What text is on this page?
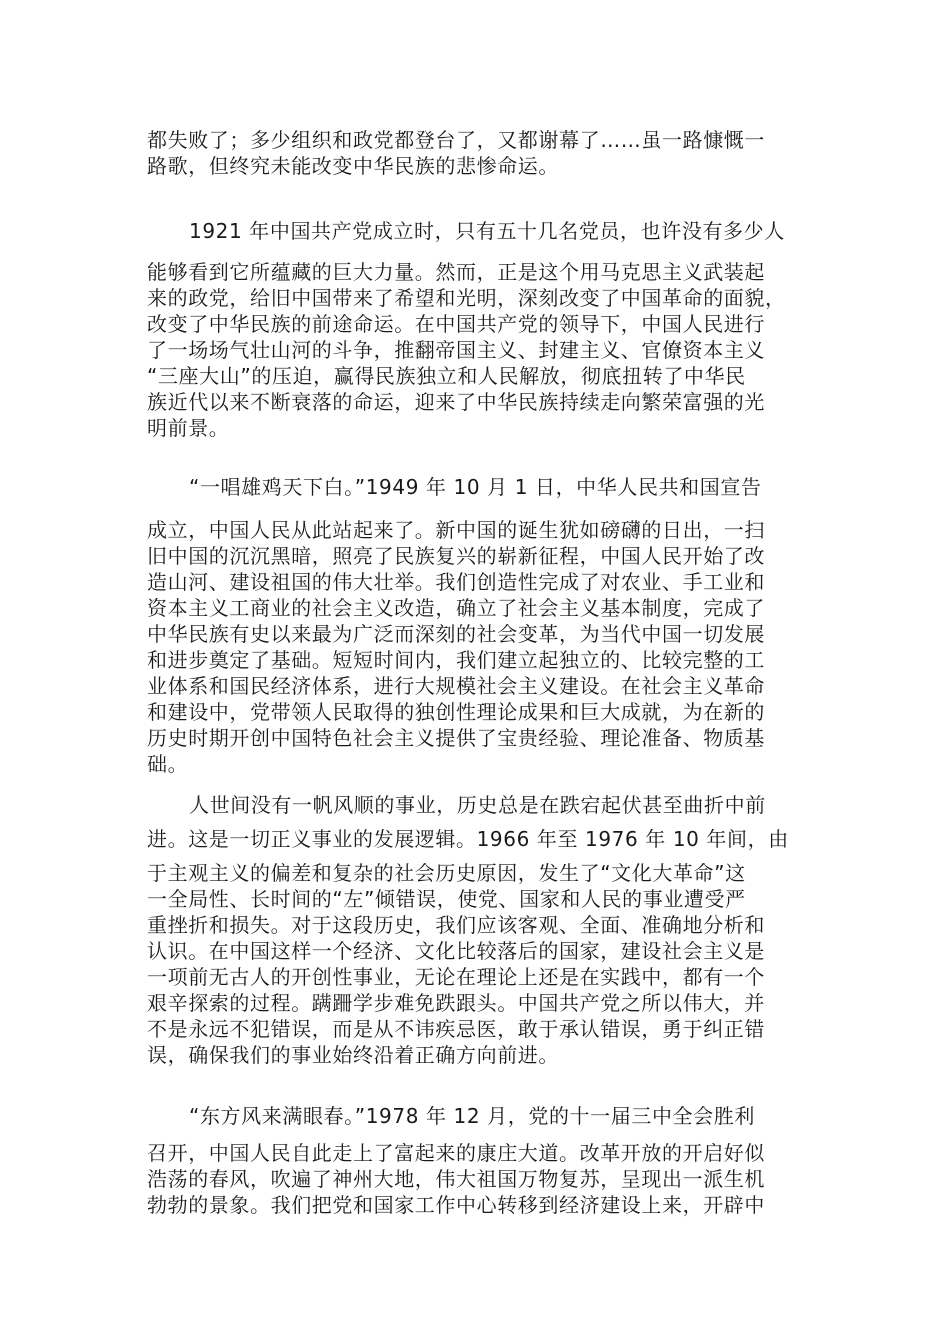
都失败了；多少组织和政党都登台了，又都谢幕了……虽一路慷慨一
路歌，但终究未能改变中华民族的悲惨命运。
1921 年中国共产党成立时，只有五十几名党员，也许没有多少人
能够看到它所蕴藏的巨大力量。然而，正是这个用马克思主义武装起
来的政党，给旧中国带来了希望和光明，深刻改变了中国革命的面貌，
改变了中华民族的前途命运。在中国共产党的领导下，中国人民进行
了一场场气壮山河的斗争，推翻帝国主义、封建主义、官僚资本主义
“三座大山”的压迫，赢得民族独立和人民解放，彻底扭转了中华民
族近代以来不断衰落的命运，迎来了中华民族持续走向繁荣富强的光
明前景。
“一唱雄鸡天下白。”1949 年 10 月 1 日，中华人民共和国宣告
成立，中国人民从此站起来了。新中国的诞生犹如磅礴的日出，一扫
旧中国的沉沉黑暗，照亮了民族复兴的崭新征程，中国人民开始了改
造山河、建设祖国的伟大壮举。我们创造性完成了对农业、手工业和
资本主义工商业的社会主义改造，确立了社会主义基本制度，完成了
中华民族有史以来最为广泛而深刻的社会变革，为当代中国一切发展
和进步奠定了基础。短短时间内，我们建立起独立的、比较完整的工
业体系和国民经济体系，进行大规模社会主义建设。在社会主义革命
和建设中，党带领人民取得的独创性理论成果和巨大成就，为在新的
历史时期开创中国特色社会主义提供了宝贵经验、理论准备、物质基
础。
人世间没有一帆风顺的事业，历史总是在跌宕起伏甚至曲折中前
进。这是一切正义事业的发展逻辑。1966 年至 1976 年 10 年间，由
于主观主义的偏差和复杂的社会历史原因，发生了“文化大革命”这
一全局性、长时间的“左”倾错误，使党、国家和人民的事业遭受严
重挫折和损失。对于这段历史，我们应该客观、全面、准确地分析和
认识。在中国这样一个经济、文化比较落后的国家，建设社会主义是
一项前无古人的开创性事业，无论在理论上还是在实践中，都有一个
艰辛探索的过程。蹒跚学步难免跌跟头。中国共产党之所以伟大，并
不是永远不犯错误，而是从不讳疾忌医，敢于承认错误，勇于纠正错
误，确保我们的事业始终沿着正确方向前进。
“东方风来满眼春。”1978 年 12 月，党的十一届三中全会胜利
召开，中国人民自此走上了富起来的康庄大道。改革开放的开启好似
浩荡的春风，吹遍了神州大地，伟大祖国万物复苏，呈现出一派生机
勃勃的景象。我们把党和国家工作中心转移到经济建设上来，开辟中
